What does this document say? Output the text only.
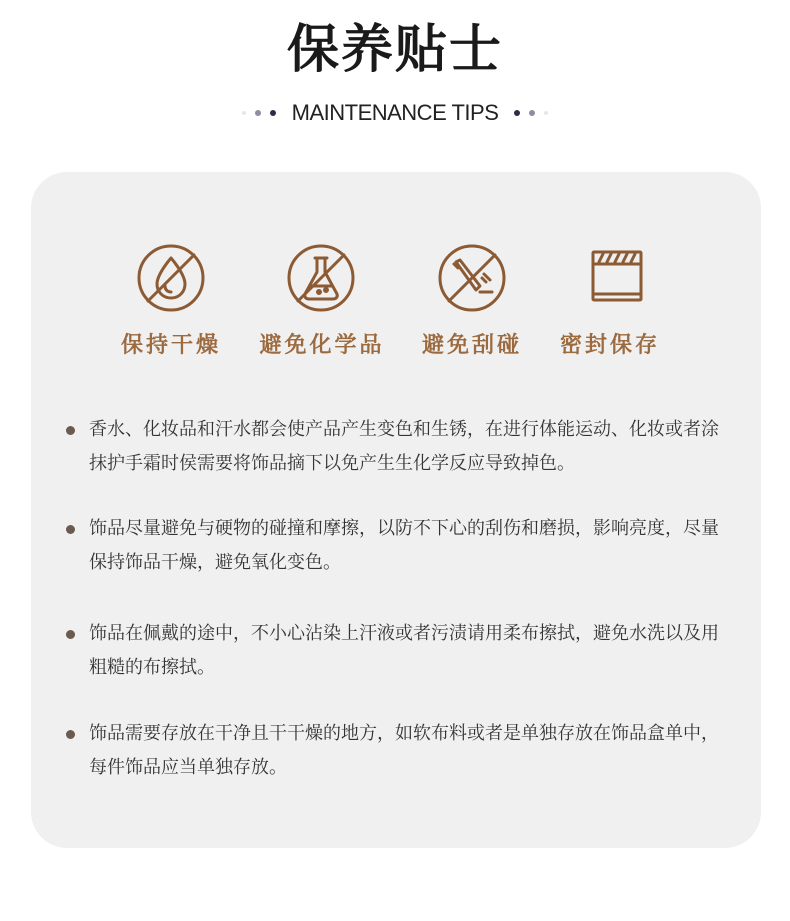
保养贴士
MAINTENANCE TIPS
保持干燥 避免化学品 避免刮碰 密封保存
香水、化妆品和汗水都会使产品产生变色和生锈，在进行体能运动、化妆或者涂抹护手霜时侯需要将饰品摘下以免产生生化学反应导致掉色。
饰品尽量避免与硬物的碰撞和摩擦，以防不下心的刮伤和磨损，影响亮度，尽量保持饰品干燥，避免氧化变色。
饰品在佩戴的途中，不小心沾染上汗液或者污渍请用柔布擦拭，避免水洗以及用粗糙的布擦拭。
饰品需要存放在干净且干干燥的地方，如软布料或者是单独存放在饰品盒单中，每件饰品应当单独存放。
